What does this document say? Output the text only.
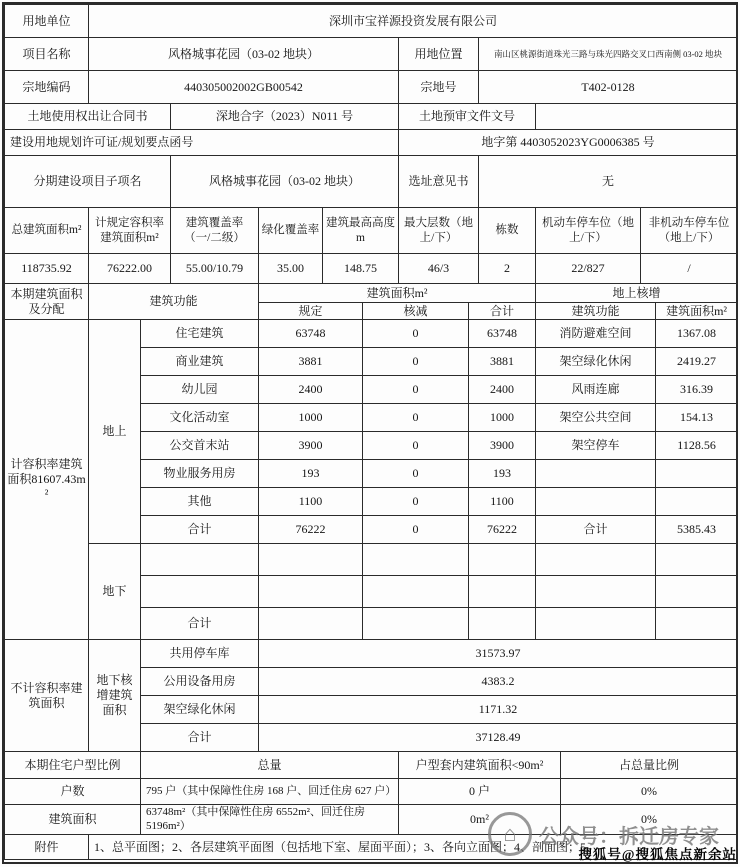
用地单位	深圳市宝祥源投资发展有限公司							
项目名称	风格城事花园（03-02 地块）				用地位置	南山区桃源街道珠光三路与珠光四路交叉口西南侧 03-02 地块		
宗地编码	440305002002GB00542				宗地号	T402-0128		
土地使用权出让合同书		深地合字（2023）N011 号			土地预审文件文号			
建设用地规划许可证/规划要点函号					地字第 4403052023YG0006385 号			
分期建设项目子项名		风格城事花园（03-02 地块）			选址意见书	无		
总建筑面积m²	计规定容积率建筑面积m²	建筑覆盖率（一/二级）	绿化覆盖率	建筑最高高度 m	最大层数（地上/下）	栋数	机动车停车位（地上/下）	非机动车停车位（地上/下）
118735.92	76222.00	55.00/10.79	35.00	148.75	46/3	2	22/827	/
本期建筑面积及分配	建筑功能		建筑面积m²			地上核增	
			规定	核减	合计	建筑功能	建筑面积m²
计容积率建筑面积81607.43m²	地上	住宅建筑	63748	0	63748	消防避难空间	1367.08
		商业建筑	3881	0	3881	架空绿化休闲	2419.27
		幼儿园	2400	0	2400	风雨连廊	316.39
		文化活动室	1000	0	1000	架空公共空间	154.13
		公交首末站	3900	0	3900	架空停车	1128.56
		物业服务用房	193	0	193		
		其他	1100	0	1100		
		合计	76222	0	76222	合计	5385.43
	地下						

		合计					
不计容积率建筑面积	地下核增建筑面积	共用停车库	31573.97
		公用设备用房	4383.2
		架空绿化休闲	1171.32
		合计	37128.49
本期住宅户型比例	总量	户型套内建筑面积<90m²	占总量比例
户数	795 户（其中保障性住房 168 户、回迁住房 627 户）	0 户	0%
建筑面积	63748m²（其中保障性住房 6552m²、回迁住房 5196m²）	0m²	0%
附件	1、总平面图；2、各层建筑平面图（包括地下室、屋面平面）；3、各向立面图；4、剖面图；5、
⌂	公众号：拆迁房专家
搜狐号@搜狐焦点新余站
